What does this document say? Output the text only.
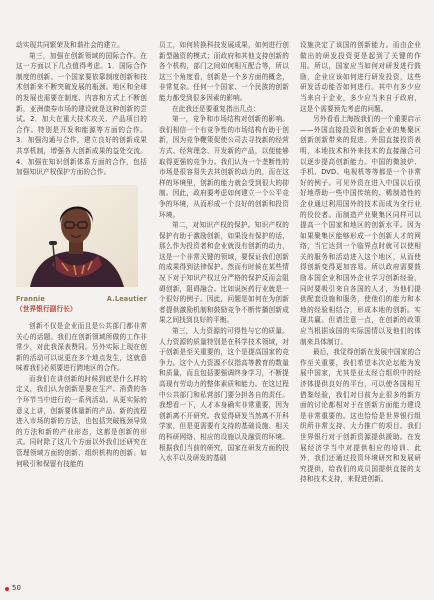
动实现共同繁荣及和谐社会的建立。

第三，加强在创新领域的国际合作。在这一方面以下几点值得考虑。1．国际合作制度的创新。一个国家要依靠制度创新和技术创新来不断突破发展的瓶颈。地区和全球的发展也需要在制度、内容和方式上不断创新，亚洲债券市场的建设就是这种创新的尝试。2．加大在重大技术攻关、产品项目的合作。特别是开发和能源等方面的合作。3．加强沟通与合作，建立良好的创新成果共享机制，增强各大创新成果的益处交流。4．加强在知识创新体系方面的合作，包括加强知识产权保护方面的合作。

Frannie A.Leautier（世界银行副行长）

创新不仅是企业而且是公共部门都非常关心的话题。我们在创新领域所做的工作非常少，对此我深表赞同。另外实际上现在创新的活动可以说更在多个地点发生，这就意味着我们必须要进行跨地区的合作。

而我们在讲创新的时候到底是什么样的定义，我们认为创新是要在生产、消费的各个环节当中进行的一系列活动。从更实际的意义上讲，创新要体量新的产品、新的流程进入市场的新的方法，也包括突破瓶颈导致的方法和新的产业形态，这都是创新的形式。同时除了这几个方面以外我们还研究在管理领域方面的创新、组织机构的创新、如何吸引和保留有技能的

员工，如何转换科技发展成果，如何进行创新型融资的模式；而政府和其他支持创新的各个机构，部门之间如何相互配合等，所以这三个角度看，创新是一个多方面的概念，非常复杂。任何一个国家、一个民族的创新能力都受到很多因素的影响。

在此我还是要重复指出几点：

第一，竞争和市场结构对创新的影响。我们相信一个有竞争性的市场结构有助于创新，因为竞争鞭策促使公司去寻找新的经营方式、经营理念、开发新的产品，以便能够取得更强的竞争力。我们认为一个垄断性的市场是很容易失去其创新的动力的，而在这样的环境里，创新的能力就会受到很大的抑制。因此，政府要考虑如何建立一个公平竞争的环境，从而形成一个良好的创新和投资环境。

第二，对知识产权的保护。知识产权的保护有助于激励创新，如果没有保护的话，那么作为投资者和企业就没有创新的动力，这是一个非常关键的领域，要保证我们创新的成果得到法律保护。然而有时候在某些情况下对于知识产权过分严格的保护反而会阻碍创新，阻碍融合。比如说医药行业就是一个很好的例子。因此，问题是如何在为创新者提供激励机制和鼓励竞争不断传播创新成果之间找到良好的平衡。

第三，人力资源的可得性与它的质量。人力资源的质量特别是在科学技术领域，对于创新是至关重要的，这个是提高国家的竞争力。这个人力资源不仅指高等教育的数量和质量，而且包括要强调终身学习，不断提高现有劳动力的整体素质和能力。在这过程中公共部门和私营部门要分担各自的责任。我想看一下，人才本身确实非常重要，因为创新离不开研究。我觉得研发当然离不开科学家，但是更需要有支持的基础设施、相关的科研网络、相应的设施以及融资的环境。根据我们当前的研究，国家在研发方面的投入水平以及研发的基础

设施决定了该国的创新能力。而由企业做出的研发投资更是起到了关键的作用。所以，国家应当如何对研发进行鼓励，企业应该如何进行研发投资，这些研发活动能否如何进行。其中有多少应当来自于企业，多少应当来自于政府，这是个需要预先考虑的问题。

另外看看上海按我们的一个重要启示——外国直接投资和创新企业的集聚区创新创新带来的促进。外国直接投资表明，本地技术和外来技术的直接融合可以逐步提高创新能力。中国的微波炉、手机、DVD、电视机等等都是一个非常好的例子。可见外资在进入中国以后很好地帮助一些中国传统的、稀制造性的企业通过利用国外的技术而成为全行业的佼佼者。而制造产业聚集区同样可以提高一个国家和地区的创新水平。因为如果聚集区能够形成一个创新人才的网络，当它达到一个临界点时就可以使相关的服务和活动进入这个地区，从而使得创新变得更加容易。所以政府需要鼓励本国企业和国外企业学习创新经验，同时要吸引来自各国的人才，为他们提供配套设施和服务，使他们的能力和本地的经验相结合，形成本地的创新。实现共赢。但请注意一点，在创新的政策应当根据该国的实际国情以及他们的体制来具体制订。

最后，我觉得创新在发展中国家的合作至关重要，我们希望本次论坛能为发展中国家，尤其是亚太经合组织中的经济体提供良好的平台，可以使各国相互借鉴经验，我们对目前为止很多的新方面的讨论都相对于在创新方面能力建设是非常重要的。这也恰恰是世界银行组织所非常支持、大力推广的项目。我们世界银行对于创新资源提供援助。在发展经济学当中对提供相应的培训、此外，我们还通过投资环境研究和发展研究提供，给我们的成员国提供直接的支持和技术支持，来促进创新。

50
